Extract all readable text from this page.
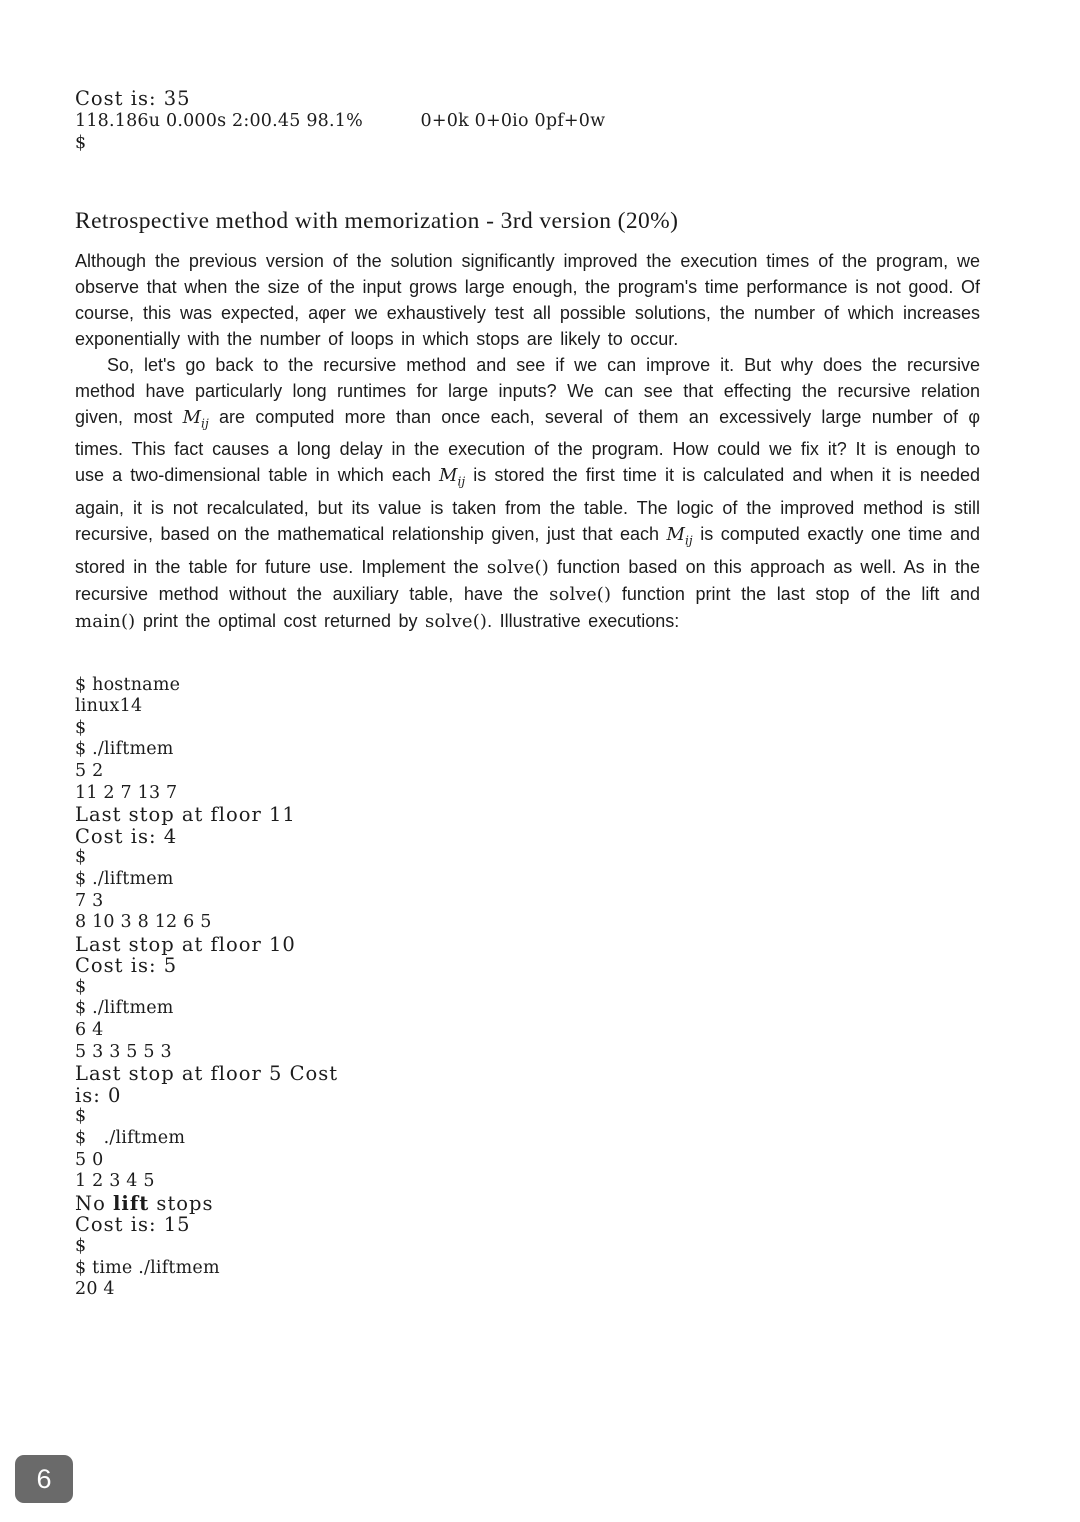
Cost is: 35
118.186u 0.000s 2:00.45 98.1%          0+0k 0+0io 0pf+0w
$
Retrospective method with memorization - 3rd version (20%)

Although the previous version of the solution significantly improved the execution times of the program, we observe that when the size of the input grows large enough, the program's time performance is not good. Of course, this was expected, aφer we exhaustively test all possible solutions, the number of which increases exponentially with the number of loops in which stops are likely to occur.

So, let's go back to the recursive method and see if we can improve it. But why does the recursive method have particularly long runtimes for large inputs? We can see that effecting the recursive relation given, most $M_{ij}$ are computed more than once each, several of them an excessively large number of φ times. This fact causes a long delay in the execution of the program. How could we fix it? It is enough to use a two-dimensional table in which each $M_{ij}$ is stored the first time it is calculated and when it is needed again, it is not recalculated, but its value is taken from the table. The logic of the improved method is still recursive, based on the mathematical relationship given, just that each $M_{ij}$ is computed exactly one time and stored in the table for future use. Implement the solve() function based on this approach as well. As in the recursive method without the auxiliary table, have the solve() function print the last stop of the lift and main() print the optimal cost returned by solve(). Illustrative executions:

$ hostname
linux14
$
$ ./liftmem
5 2
11 2 7 13 7
Last stop at floor 11
Cost is: 4
$
$ ./liftmem
7 3
8 10 3 8 12 6 5
Last stop at floor 10
Cost is: 5
$
$ ./liftmem
6 4
5 3 3 5 5 3
Last stop at floor 5 Cost
is: 0
$
$   ./liftmem
5 0
1 2 3 4 5
No lift stops
Cost is: 15
$
$ time ./liftmem
20 4
6
